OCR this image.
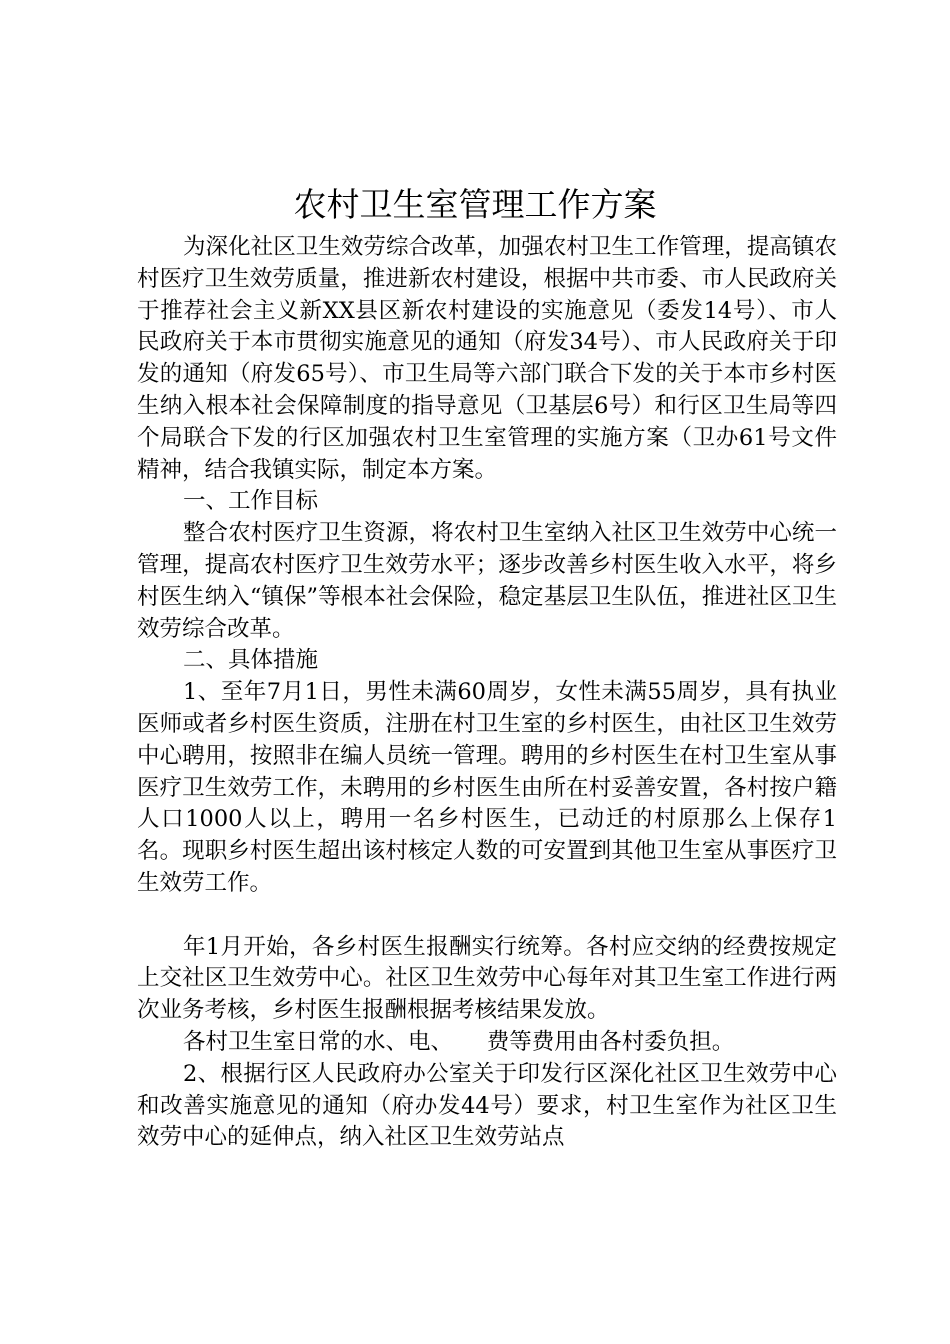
农村卫生室管理工作方案

为深化社区卫生效劳综合改革，加强农村卫生工作管理，提高镇农村医疗卫生效劳质量，推进新农村建设，根据中共市委、市人民政府关于推荐社会主义新XX县区新农村建设的实施意见（委发14号）、市人民政府关于本市贯彻实施意见的通知（府发34号）、市人民政府关于印发的通知（府发65号）、市卫生局等六部门联合下发的关于本市乡村医生纳入根本社会保障制度的指导意见（卫基层6号）和行区卫生局等四个局联合下发的行区加强农村卫生室管理的实施方案（卫办61号文件精神，结合我镇实际，制定本方案。

一、工作目标

整合农村医疗卫生资源，将农村卫生室纳入社区卫生效劳中心统一管理，提高农村医疗卫生效劳水平；逐步改善乡村医生收入水平，将乡村医生纳入“镇保”等根本社会保险，稳定基层卫生队伍，推进社区卫生效劳综合改革。

二、具体措施

1、至年7月1日，男性未满60周岁，女性未满55周岁，具有执业医师或者乡村医生资质，注册在村卫生室的乡村医生，由社区卫生效劳中心聘用，按照非在编人员统一管理。聘用的乡村医生在村卫生室从事医疗卫生效劳工作，未聘用的乡村医生由所在村妥善安置，各村按户籍人口1000人以上，聘用一名乡村医生，已动迁的村原那么上保存1名。现职乡村医生超出该村核定人数的可安置到其他卫生室从事医疗卫生效劳工作。

年1月开始，各乡村医生报酬实行统筹。各村应交纳的经费按规定上交社区卫生效劳中心。社区卫生效劳中心每年对其卫生室工作进行两次业务考核，乡村医生报酬根据考核结果发放。

各村卫生室日常的水、电、　　费等费用由各村委负担。

2、根据行区人民政府办公室关于印发行区深化社区卫生效劳中心和改善实施意见的通知（府办发44号）要求，村卫生室作为社区卫生效劳中心的延伸点，纳入社区卫生效劳站点
